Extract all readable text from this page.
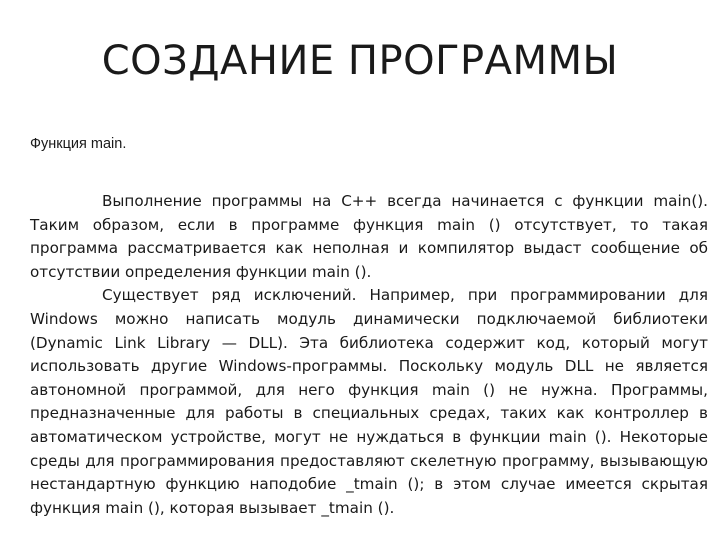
СОЗДАНИЕ ПРОГРАММЫ
Функция main.

Выполнение программы на C++ всегда начинается с функции main(). Таким образом, если в программе функция main () отсутствует, то такая программа рассматривается как неполная и компилятор выдаст сообщение об отсутствии определения функции main ().

Существует ряд исключений. Например, при программировании для Windows можно написать модуль динамически подключаемой библиотеки (Dynamic Link Library — DLL). Эта библиотека содержит код, который могут использовать другие Windows-программы. Поскольку модуль DLL не является автономной программой, для него функция main () не нужна. Программы, предназначенные для работы в специальных средах, таких как контроллер в автоматическом устройстве, могут не нуждаться в функции main (). Некоторые среды для программирования предоставляют скелетную программу, вызывающую нестандартную функцию наподобие _tmain (); в этом случае имеется скрытая функция main (), которая вызывает _tmain ().
